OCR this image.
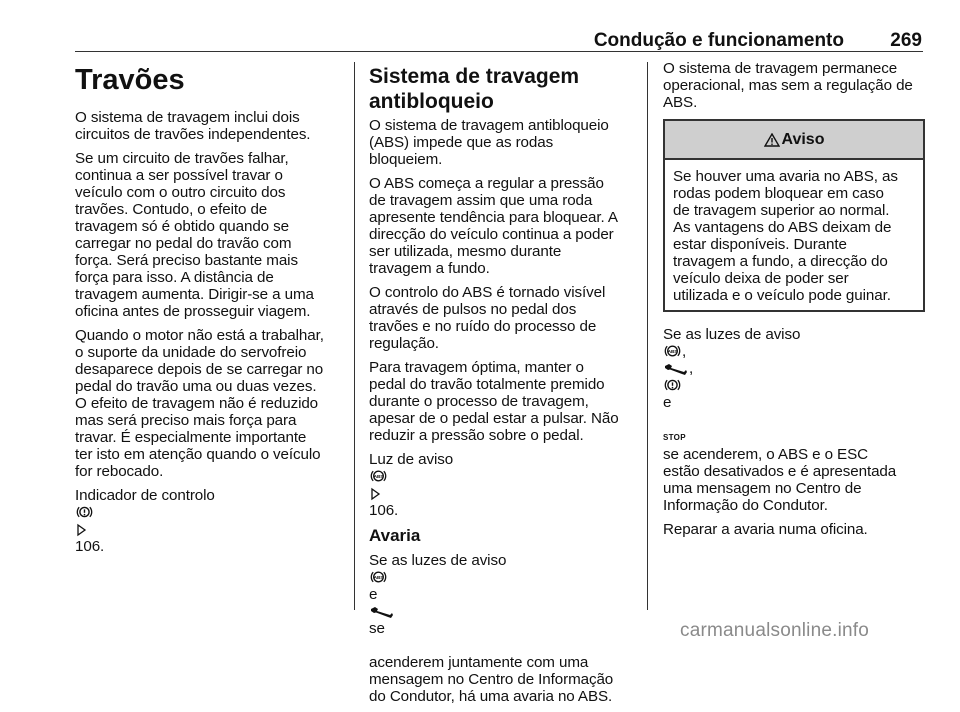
Condução e funcionamento 269
Travões

O sistema de travagem inclui dois
circuitos de travões independentes.

Se um circuito de travões falhar,
continua a ser possível travar o
veículo com o outro circuito dos
travões. Contudo, o efeito de
travagem só é obtido quando se
carregar no pedal do travão com
força. Será preciso bastante mais
força para isso. A distância de
travagem aumenta. Dirigir-se a uma
oficina antes de prosseguir viagem.

Quando o motor não está a trabalhar,
o suporte da unidade do servofreio
desaparece depois de se carregar no
pedal do travão uma ou duas vezes.
O efeito de travagem não é reduzido
mas será preciso mais força para
travar. É especialmente importante
ter isto em atenção quando o veículo
for rebocado.

Indicador de controlo

106.

Sistema de travagem
antibloqueio

O sistema de travagem antibloqueio
(ABS) impede que as rodas
bloqueiem.

O ABS começa a regular a pressão
de travagem assim que uma roda
apresente tendência para bloquear. A
direcção do veículo continua a poder
ser utilizada, mesmo durante
travagem a fundo.

O controlo do ABS é tornado visível
através de pulsos no pedal dos
travões e no ruído do processo de
regulação.

Para travagem óptima, manter o
pedal do travão totalmente premido
durante o processo de travagem,
apesar de o pedal estar a pulsar. Não
reduzir a pressão sobre o pedal.

Luz de aviso

ABS

106.

Avaria

Se as luzes de aviso

ABS

e

se

acenderem juntamente com uma
mensagem no Centro de Informação
do Condutor, há uma avaria no ABS.

O sistema de travagem permanece
operacional, mas sem a regulação de
ABS.

Aviso

Se houver uma avaria no ABS, as
rodas podem bloquear em caso
de travagem superior ao normal.
As vantagens do ABS deixam de
estar disponíveis. Durante
travagem a fundo, a direcção do
veículo deixa de poder ser
utilizada e o veículo pode guinar.

Se as luzes de aviso

ABS ,
,

e

STOP
se acenderem, o ABS e o ESC
estão desativados e é apresentada
uma mensagem no Centro de
Informação do Condutor.

Reparar a avaria numa oficina.

carmanualsonline.info
